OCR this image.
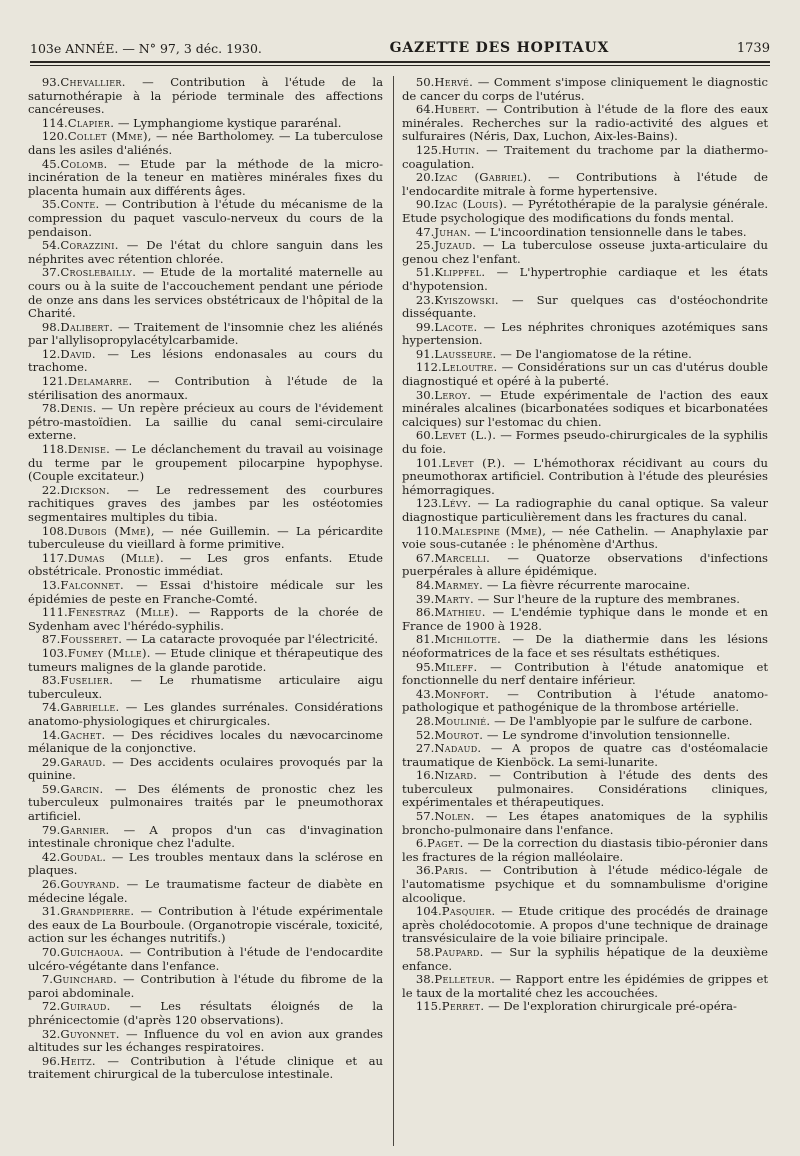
103e ANNÉE. — N° 97, 3 déc. 1930.	GAZETTE DES HOPITAUX	1739

93.Chevallier. — Contribution à l'étude de la saturnothérapie à la période terminale des affections cancéreuses.

114.Clapier. — Lymphangiome kystique pararénal.

120.Collet (Mme), — née Bartholomey. — La tuberculose dans les asiles d'aliénés.

45.Colomb. — Etude par la méthode de la micro-incinération de la teneur en matières minérales fixes du placenta humain aux différents âges.

35.Conte. — Contribution à l'étude du mécanisme de la compression du paquet vasculo-nerveux du cours de la pendaison.

54.Corazzini. — De l'état du chlore sanguin dans les néphrites avec rétention chlorée.

37.Croslebailly. — Etude de la mortalité maternelle au cours ou à la suite de l'accouchement pendant une période de onze ans dans les services obstétricaux de l'hôpital de la Charité.

98.Dalibert. — Traitement de l'insomnie chez les aliénés par l'allylisopropylacétylcarbamide.

12.David. — Les lésions endonasales au cours du trachome.

121.Delamarre. — Contribution à l'étude de la stérilisation des anormaux.

78.Denis. — Un repère précieux au cours de l'évidement pétro-mastoïdien. La saillie du canal semi-circulaire externe.

118.Denise. — Le déclanchement du travail au voisinage du terme par le groupement pilocarpine hypophyse. (Couple excitateur.)

22.Dickson. — Le redressement des courbures rachitiques graves des jambes par les ostéotomies segmentaires multiples du tibia.

108.Dubois (Mme), — née Guillemin. — La péricardite tuberculeuse du vieillard à forme primitive.

117.Dumas (Mlle). — Les gros enfants. Etude obstétricale. Pronostic immédiat.

13.Falconnet. — Essai d'histoire médicale sur les épidémies de peste en Franche-Comté.

111.Fenestraz (Mlle). — Rapports de la chorée de Sydenham avec l'hérédo-syphilis.

87.Fousseret. — La cataracte provoquée par l'électricité.

103.Fumey (Mlle). — Etude clinique et thérapeutique des tumeurs malignes de la glande parotide.

83.Fuselier. — Le rhumatisme articulaire aigu tuberculeux.

74.Gabrielle. — Les glandes surrénales. Considérations anatomo-physiologiques et chirurgicales.

14.Gachet. — Des récidives locales du nævocarcinome mélanique de la conjonctive.

29.Garaud. — Des accidents oculaires provoqués par la quinine.

59.Garcin. — Des éléments de pronostic chez les tuberculeux pulmonaires traités par le pneumothorax artificiel.

79.Garnier. — A propos d'un cas d'invagination intestinale chronique chez l'adulte.

42.Goudal. — Les troubles mentaux dans la sclérose en plaques.

26.Gouyrand. — Le traumatisme facteur de diabète en médecine légale.

31.Grandpierre. — Contribution à l'étude expérimentale des eaux de La Bourboule. (Organotropie viscérale, toxicité, action sur les échanges nutritifs.)

70.Guichaoua. — Contribution à l'étude de l'endocardite ulcéro-végétante dans l'enfance.

7.Guinchard. — Contribution à l'étude du fibrome de la paroi abdominale.

72.Guiraud. — Les résultats éloignés de la phrénicectomie (d'après 120 observations).

32.Guyonnet. — Influence du vol en avion aux grandes altitudes sur les échanges respiratoires.

96.Heitz. — Contribution à l'étude clinique et au traitement chirurgical de la tuberculose intestinale.

50.Hervé. — Comment s'impose cliniquement le diagnostic de cancer du corps de l'utérus.

64.Hubert. — Contribution à l'étude de la flore des eaux minérales. Recherches sur la radio-activité des algues et sulfuraires (Néris, Dax, Luchon, Aix-les-Bains).

125.Hutin. — Traitement du trachome par la diathermo-coagulation.

20.Izac (Gabriel). — Contributions à l'étude de l'endocardite mitrale à forme hypertensive.

90.Izac (Louis). — Pyrétothérapie de la paralysie générale. Etude psychologique des modifications du fonds mental.

47.Juhan. — L'incoordination tensionnelle dans le tabes.

25.Juzaud. — La tuberculose osseuse juxta-articulaire du genou chez l'enfant.

51.Klippfel. — L'hypertrophie cardiaque et les états d'hypotension.

23.Kyiszowski. — Sur quelques cas d'ostéochondrite disséquante.

99.Lacote. — Les néphrites chroniques azotémiques sans hypertension.

91.Lausseure. — De l'angiomatose de la rétine.

112.Leloutre. — Considérations sur un cas d'utérus double diagnostiqué et opéré à la puberté.

30.Leroy. — Etude expérimentale de l'action des eaux minérales alcalines (bicarbonatées sodiques et bicarbonatées calciques) sur l'estomac du chien.

60.Levet (L.). — Formes pseudo-chirurgicales de la syphilis du foie.

101.Levet (P.). — L'hémothorax récidivant au cours du pneumothorax artificiel. Contribution à l'étude des pleurésies hémorragiques.

123.Lévy. — La radiographie du canal optique. Sa valeur diagnostique particulièrement dans les fractures du canal.

110.Malespine (Mme), — née Cathelin. — Anaphylaxie par voie sous-cutanée : le phénomène d'Arthus.

67.Marcelli. — Quatorze observations d'infections puerpérales à allure épidémique.

84.Marmey. — La fièvre récurrente marocaine.

39.Marty. — Sur l'heure de la rupture des membranes.

86.Mathieu. — L'endémie typhique dans le monde et en France de 1900 à 1928.

81.Michilotte. — De la diathermie dans les lésions néoformatrices de la face et ses résultats esthétiques.

95.Mileff. — Contribution à l'étude anatomique et fonctionnelle du nerf dentaire inférieur.

43.Monfort. — Contribution à l'étude anatomo-pathologique et pathogénique de la thrombose artérielle.

28.Moulinié. — De l'amblyopie par le sulfure de carbone.

52.Mourot. — Le syndrome d'involution tensionnelle.

27.Nadaud. — A propos de quatre cas d'ostéomalacie traumatique de Kienböck. La semi-lunarite.

16.Nizard. — Contribution à l'étude des dents des tuberculeux pulmonaires. Considérations cliniques, expérimentales et thérapeutiques.

57.Nolen. — Les étapes anatomiques de la syphilis broncho-pulmonaire dans l'enfance.

6.Paget. — De la correction du diastasis tibio-péronier dans les fractures de la région malléolaire.

36.Paris. — Contribution à l'étude médico-légale de l'automatisme psychique et du somnambulisme d'origine alcoolique.

104.Pasquier. — Etude critique des procédés de drainage après cholédocotomie. A propos d'une technique de drainage transvésiculaire de la voie biliaire principale.

58.Paupard. — Sur la syphilis hépatique de la deuxième enfance.

38.Pelleteur. — Rapport entre les épidémies de grippes et le taux de la mortalité chez les accouchées.

115.Perret. — De l'exploration chirurgicale pré-opéra-
